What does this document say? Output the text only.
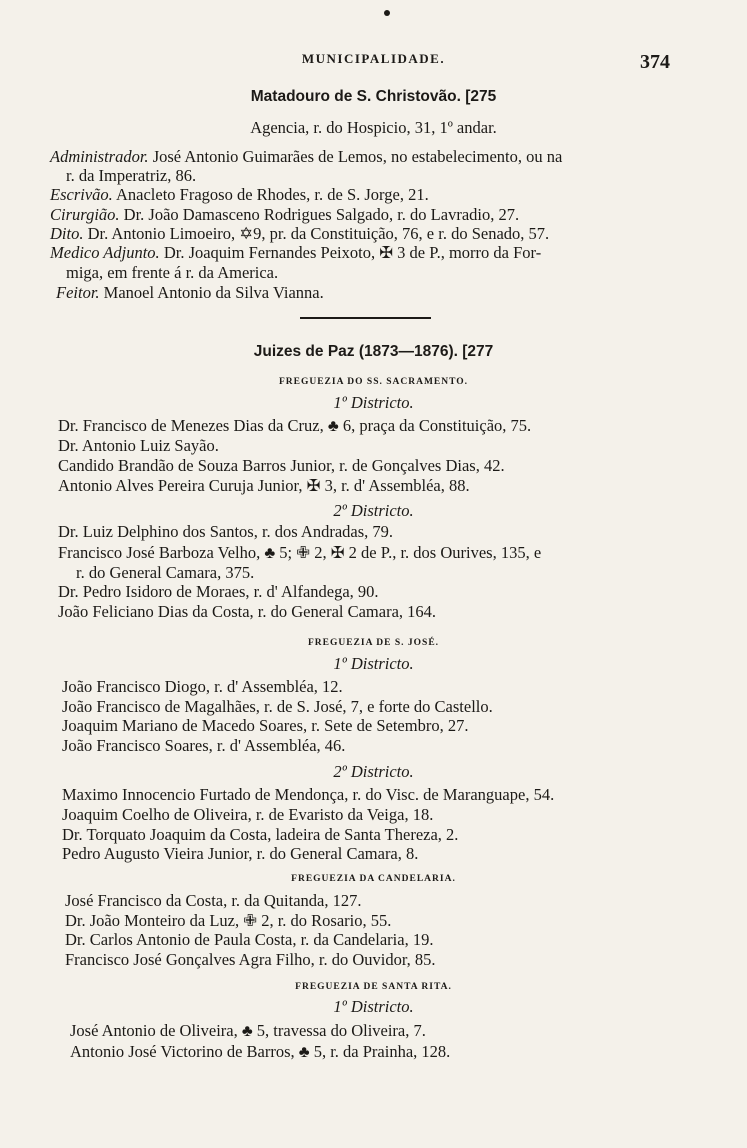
MUNICIPALIDADE.	374
Matadouro de S. Christovão. [275
Agencia, r. do Hospicio, 31, 1º andar.
Administrador. José Antonio Guimarães de Lemos, no estabelecimento, ou na
r. da Imperatriz, 86.
Escrivão. Anacleto Fragoso de Rhodes, r. de S. Jorge, 21.
Cirurgião. Dr. João Damasceno Rodrigues Salgado, r. do Lavradio, 27.
Dito. Dr. Antonio Limoeiro, ✡9, pr. da Constituição, 76, e r. do Senado, 57.
Medico Adjunto. Dr. Joaquim Fernandes Peixoto, ✠ 3 de P., morro da For-
miga, em frente á r. da America.
Feitor. Manoel Antonio da Silva Vianna.
Juizes de Paz (1873—1876). [277
FREGUEZIA DO SS. SACRAMENTO.
1º Districto.
Dr. Francisco de Menezes Dias da Cruz, ♣ 6, praça da Constituição, 75.
Dr. Antonio Luiz Sayão.
Candido Brandão de Souza Barros Junior, r. de Gonçalves Dias, 42.
Antonio Alves Pereira Curuja Junior, ✠ 3, r. d' Assembléa, 88.
2º Districto.
Dr. Luiz Delphino dos Santos, r. dos Andradas, 79.
Francisco José Barboza Velho, ♣ 5; ✙ 2, ✠ 2 de P., r. dos Ourives, 135, e
r. do General Camara, 375.
Dr. Pedro Isidoro de Moraes, r. d' Alfandega, 90.
João Feliciano Dias da Costa, r. do General Camara, 164.
FREGUEZIA DE S. JOSÉ.
1º Districto.
João Francisco Diogo, r. d' Assembléa, 12.
João Francisco de Magalhães, r. de S. José, 7, e forte do Castello.
Joaquim Mariano de Macedo Soares, r. Sete de Setembro, 27.
João Francisco Soares, r. d' Assembléa, 46.
2º Districto.
Maximo Innocencio Furtado de Mendonça, r. do Visc. de Maranguape, 54.
Joaquim Coelho de Oliveira, r. de Evaristo da Veiga, 18.
Dr. Torquato Joaquim da Costa, ladeira de Santa Thereza, 2.
Pedro Augusto Vieira Junior, r. do General Camara, 8.
FREGUEZIA DA CANDELARIA.
José Francisco da Costa, r. da Quitanda, 127.
Dr. João Monteiro da Luz, ✙ 2, r. do Rosario, 55.
Dr. Carlos Antonio de Paula Costa, r. da Candelaria, 19.
Francisco José Gonçalves Agra Filho, r. do Ouvidor, 85.
FREGUEZIA DE SANTA RITA.
1º Districto.
José Antonio de Oliveira, ♣ 5, travessa do Oliveira, 7.
Antonio José Victorino de Barros, ♣ 5, r. da Prainha, 128.
